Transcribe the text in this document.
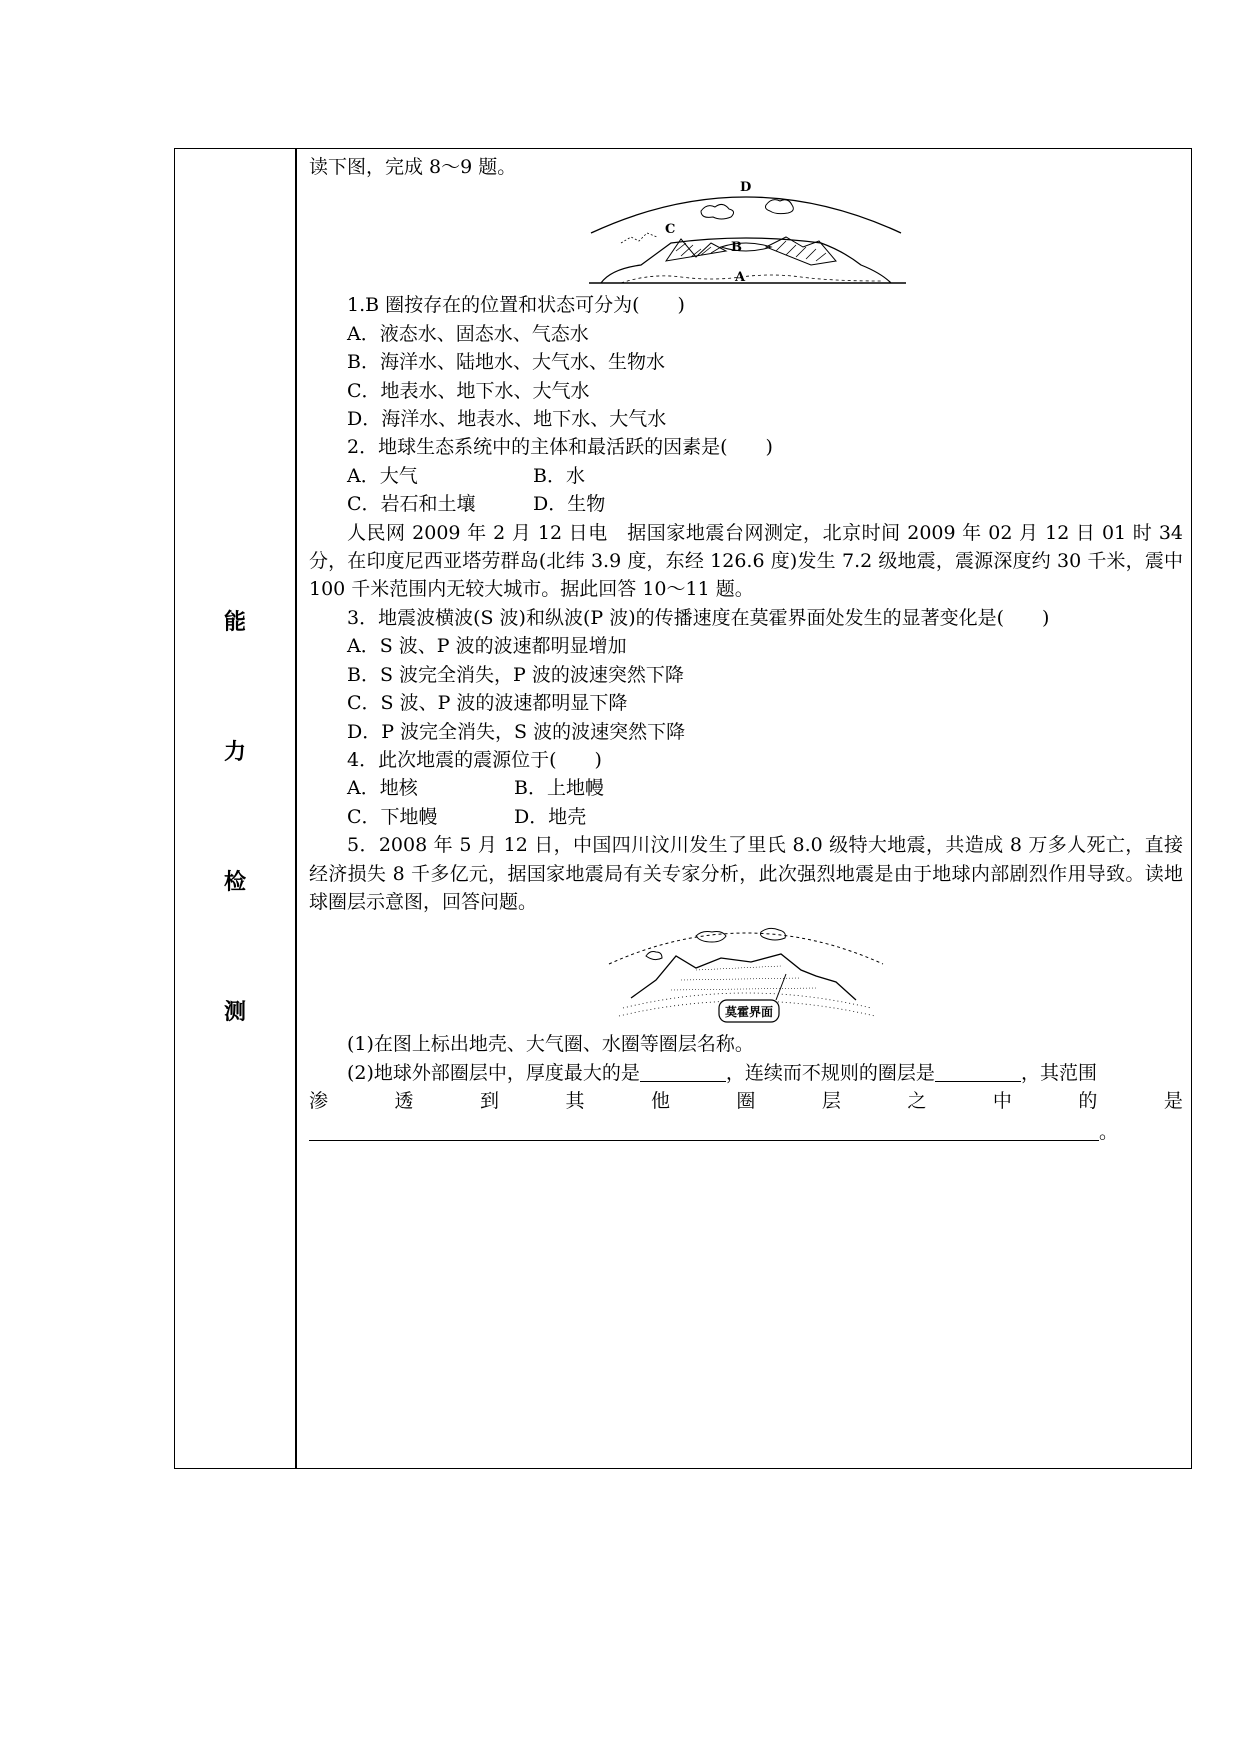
能
力
检
测

读下图，完成 8～9 题。

D
C
B
A

1.B 圈按存在的位置和状态可分为(　　)

A．液态水、固态水、气态水

B．海洋水、陆地水、大气水、生物水

C．地表水、地下水、大气水

D．海洋水、地表水、地下水、大气水

2．地球生态系统中的主体和最活跃的因素是(　　)

A．大气	B．水

C．岩石和土壤	D．生物

人民网 2009 年 2 月 12 日电　据国家地震台网测定，北京时间 2009 年 02 月 12 日 01 时 34 分，在印度尼西亚塔劳群岛(北纬 3.9 度，东经 126.6 度)发生 7.2 级地震，震源深度约 30 千米，震中 100 千米范围内无较大城市。据此回答 10～11 题。

3．地震波横波(S 波)和纵波(P 波)的传播速度在莫霍界面处发生的显著变化是(　　)

A．S 波、P 波的波速都明显增加

B．S 波完全消失，P 波的波速突然下降

C．S 波、P 波的波速都明显下降

D．P 波完全消失，S 波的波速突然下降

4．此次地震的震源位于(　　)

A．地核	B．上地幔

C．下地幔	D．地壳

5．2008 年 5 月 12 日，中国四川汶川发生了里氏 8.0 级特大地震，共造成 8 万多人死亡，直接经济损失 8 千多亿元，据国家地震局有关专家分析，此次强烈地震是由于地球内部剧烈作用导致。读地球圈层示意图，回答问题。

莫霍界面

(1)在图上标出地壳、大气圈、水圈等圈层名称。

(2)地球外部圈层中，厚度最大的是	，连续而不规则的圈层是	，其范围

渗	透	到	其	他	圈	层	之	中	的	是

。
